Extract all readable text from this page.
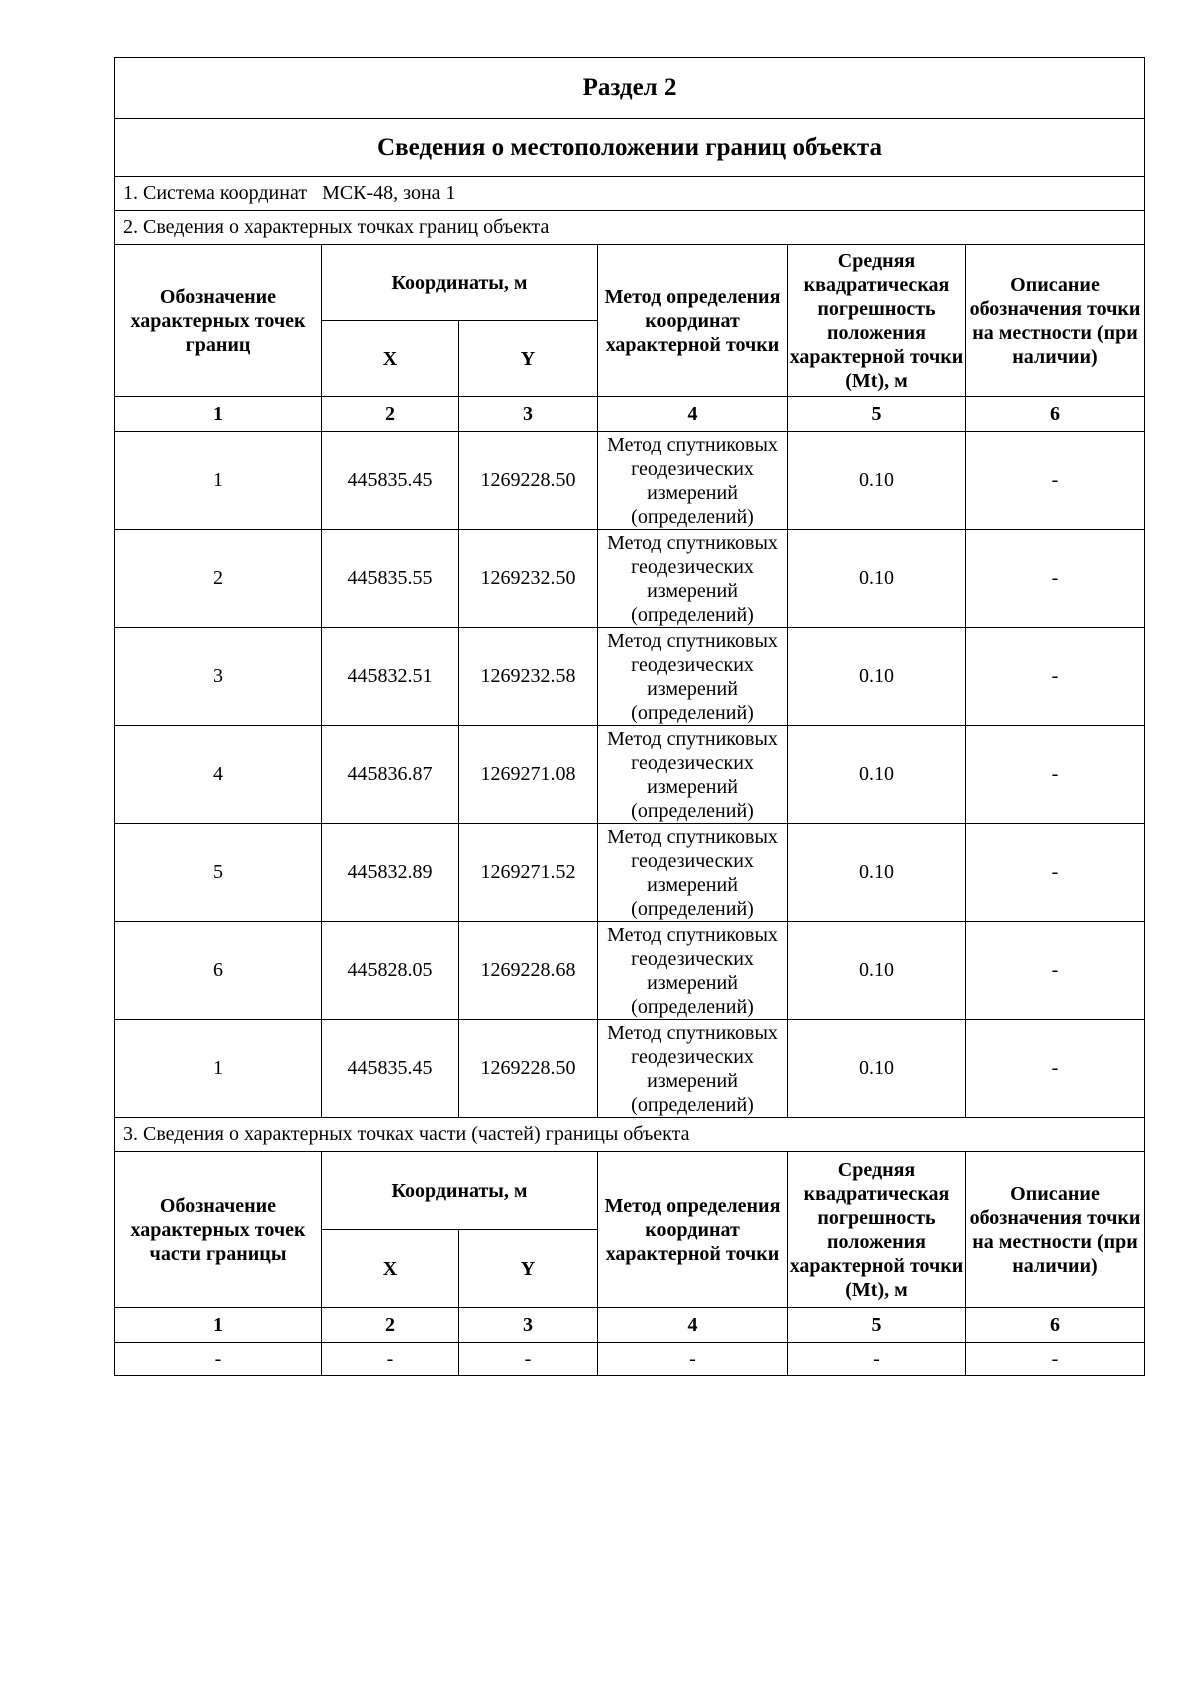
Раздел 2					
Сведения о местоположении границ объекта					
1. Система координат МСК-48, зона 1					
2. Сведения о характерных точках границ объекта					
Обозначение характерных точек границ	Координаты, м		Метод определения координат характерной точки	Средняя квадратическая погрешность положения характерной точки (Mt), м	Описание обозначения точки на местности (при наличии)
	X	Y			
1	2	3	4	5	6
1	445835.45	1269228.50	Метод спутниковых геодезических измерений (определений)	0.10	-
2	445835.55	1269232.50	Метод спутниковых геодезических измерений (определений)	0.10	-
3	445832.51	1269232.58	Метод спутниковых геодезических измерений (определений)	0.10	-
4	445836.87	1269271.08	Метод спутниковых геодезических измерений (определений)	0.10	-
5	445832.89	1269271.52	Метод спутниковых геодезических измерений (определений)	0.10	-
6	445828.05	1269228.68	Метод спутниковых геодезических измерений (определений)	0.10	-
1	445835.45	1269228.50	Метод спутниковых геодезических измерений (определений)	0.10	-
3. Сведения о характерных точках части (частей) границы объекта					
Обозначение характерных точек части границы	Координаты, м		Метод определения координат характерной точки	Средняя квадратическая погрешность положения характерной точки (Mt), м	Описание обозначения точки на местности (при наличии)
	X	Y			
1	2	3	4	5	6
-	-	-	-	-	-
